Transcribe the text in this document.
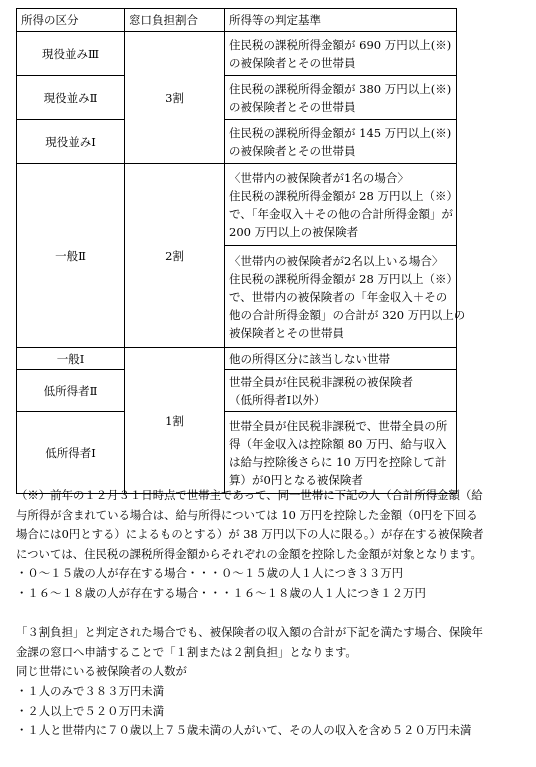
所得の区分	窓口負担割合	所得等の判定基準
現役並みⅢ	3割	住民税の課税所得金額が 690 万円以上(※)
の被保険者とその世帯員

現役並みⅡ		住民税の課税所得金額が 380 万円以上(※)
の被保険者とその世帯員

現役並みⅠ		住民税の課税所得金額が 145 万円以上(※)
の被保険者とその世帯員

一般Ⅱ	2割	〈世帯内の被保険者が1名の場合〉
住民税の課税所得金額が 28 万円以上（※）
で、「年金収入＋その他の合計所得金額」が
200 万円以上の被保険者

		〈世帯内の被保険者が2名以上いる場合〉
住民税の課税所得金額が 28 万円以上（※）
で、世帯内の被保険者の「年金収入＋その
他の合計所得金額」の合計が 320 万円以上の
被保険者とその世帯員

一般Ⅰ	1割	他の所得区分に該当しない世帯

低所得者Ⅱ		世帯全員が住民税非課税の被保険者
（低所得者Ⅰ以外）

低所得者Ⅰ		世帯全員が住民税非課税で、世帯全員の所
得（年金収入は控除額 80 万円、給与収入
は給与控除後さらに 10 万円を控除して計
算）が0円となる被保険者

（※）前年の１２月３１日時点で世帯主であって、同一世帯に下記の人（合計所得金額（給

与所得が含まれている場合は、給与所得については 10 万円を控除した金額（0円を下回る

場合には0円とする）によるものとする）が 38 万円以下の人に限る。）が存在する被保険者

については、住民税の課税所得金額からそれぞれの金額を控除した金額が対象となります。

・０～１５歳の人が存在する場合・・・０～１５歳の人１人につき３３万円

・１６～１８歳の人が存在する場合・・・１６～１８歳の人１人につき１２万円

「３割負担」と判定された場合でも、被保険者の収入額の合計が下記を満たす場合、保険年

金課の窓口へ申請することで「１割または２割負担」となります。

同じ世帯にいる被保険者の人数が

・１人のみで３８３万円未満

・２人以上で５２０万円未満

・１人と世帯内に７０歳以上７５歳未満の人がいて、その人の収入を含め５２０万円未満
